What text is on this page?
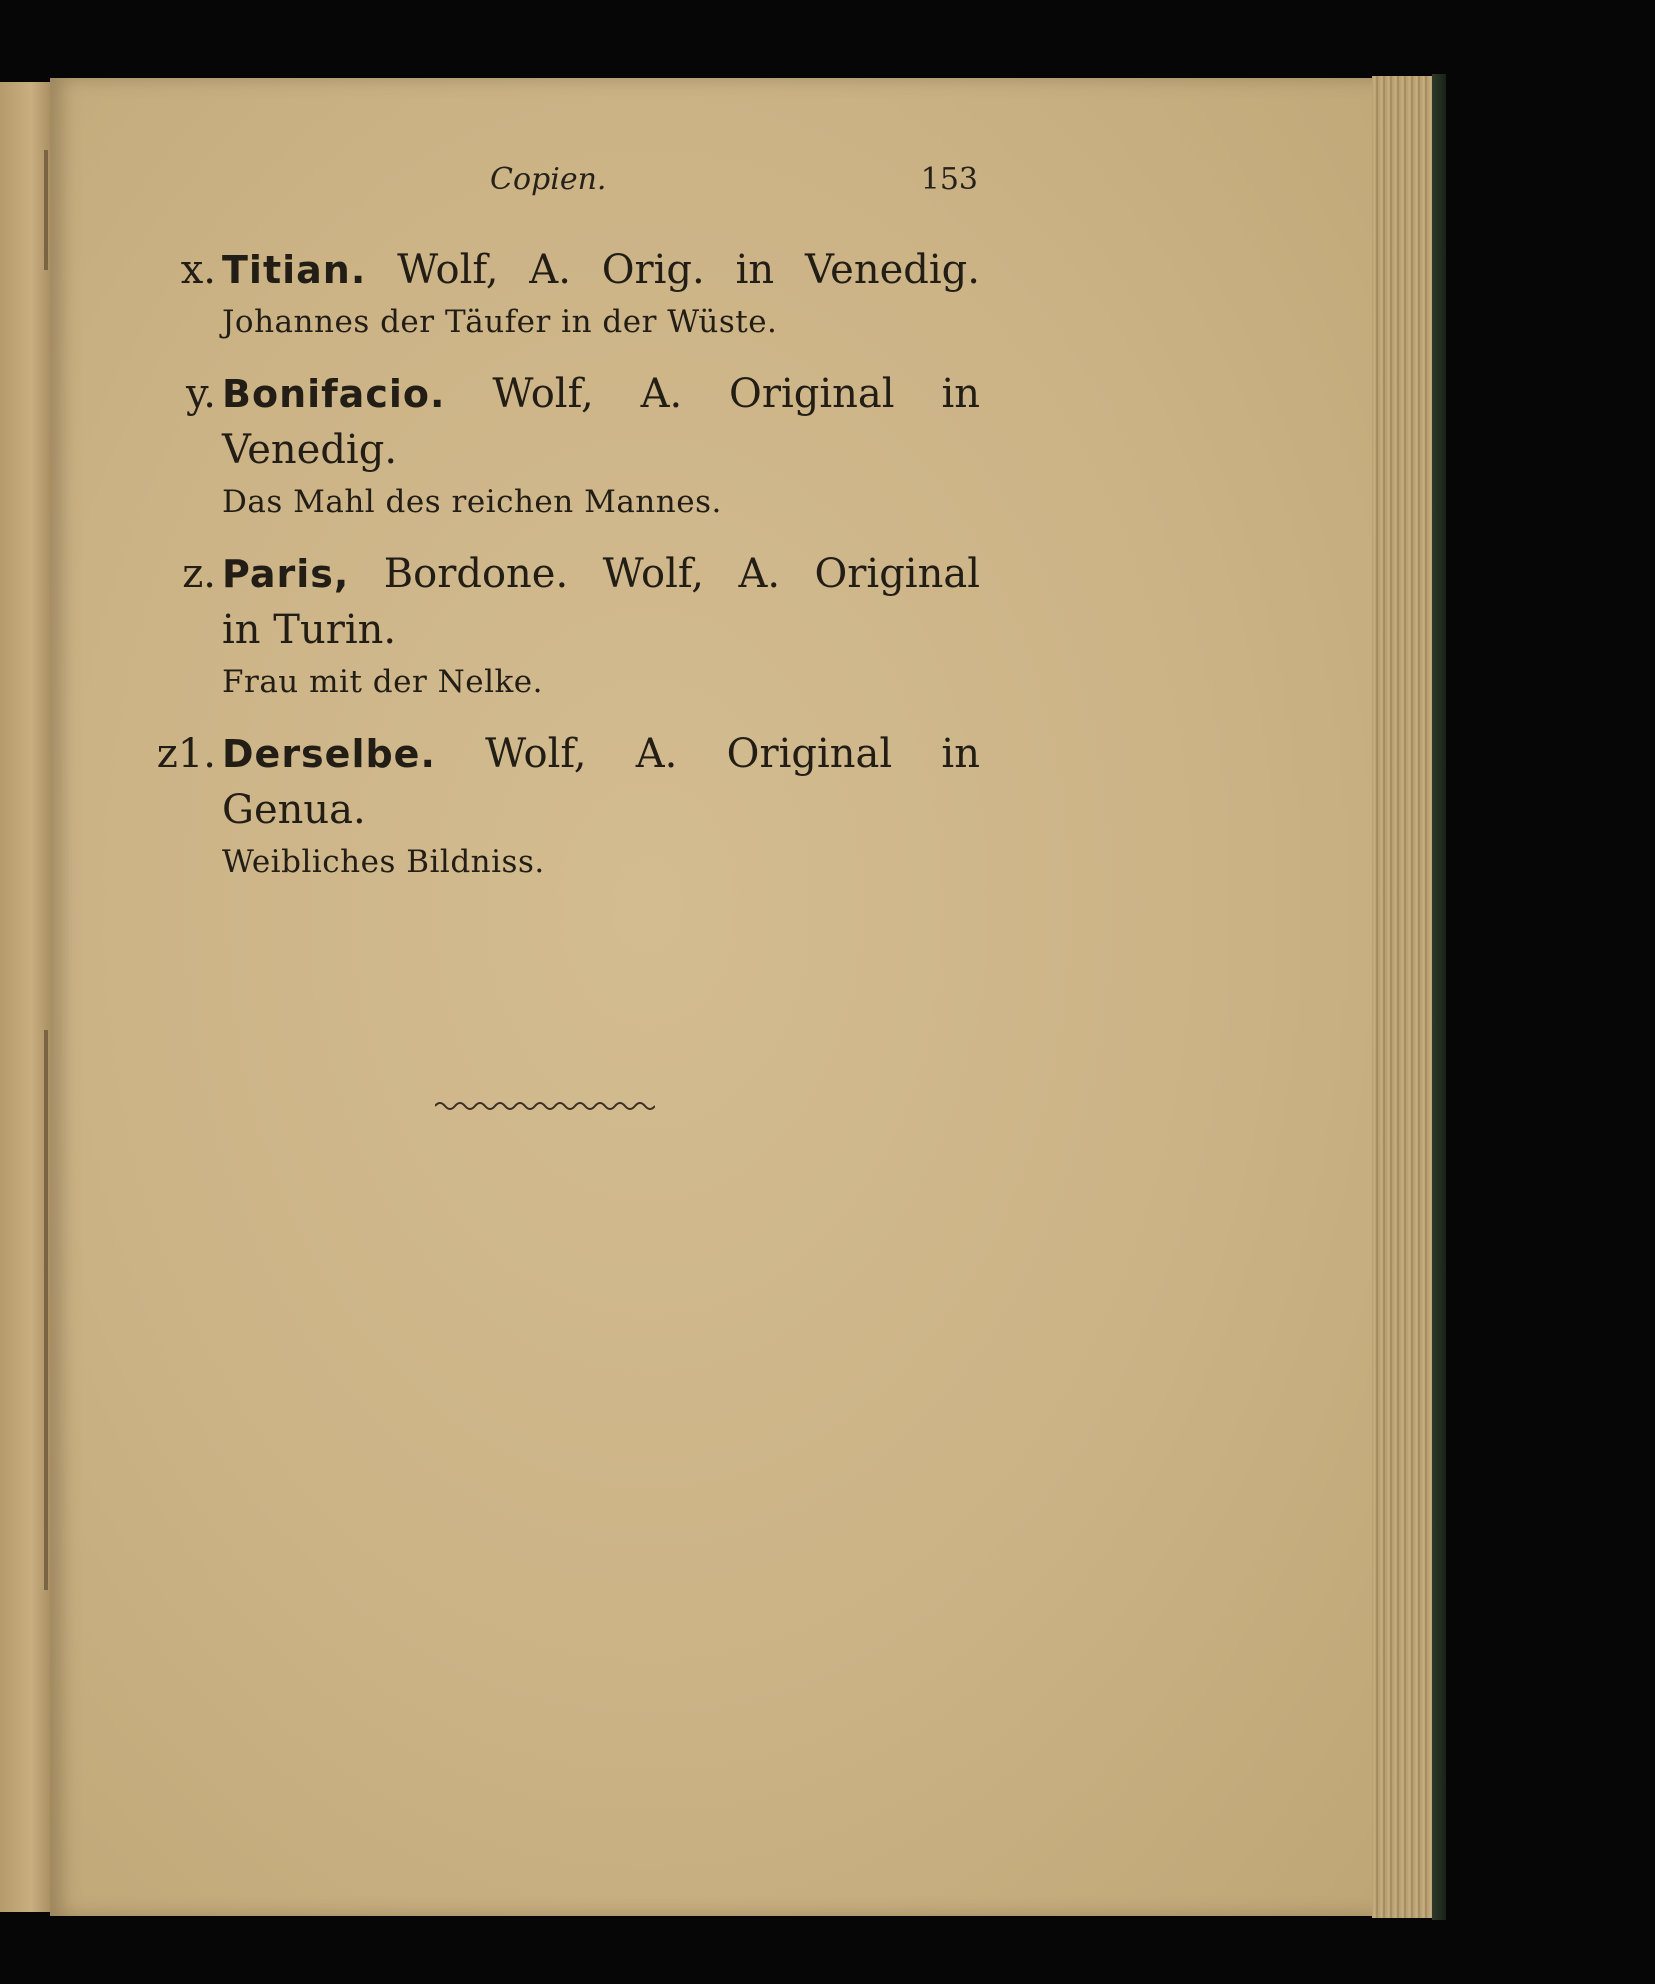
Copien.	153
x. Titian. Wolf, A. Orig. in Venedig.
Johannes der Täufer in der Wüste.
y. Bonifacio. Wolf, A. Original in
Venedig.
Das Mahl des reichen Mannes.
z. Paris, Bordone. Wolf, A. Original
in Turin.
Frau mit der Nelke.
z1. Derselbe. Wolf, A. Original in
Genua.
Weibliches Bildniss.
